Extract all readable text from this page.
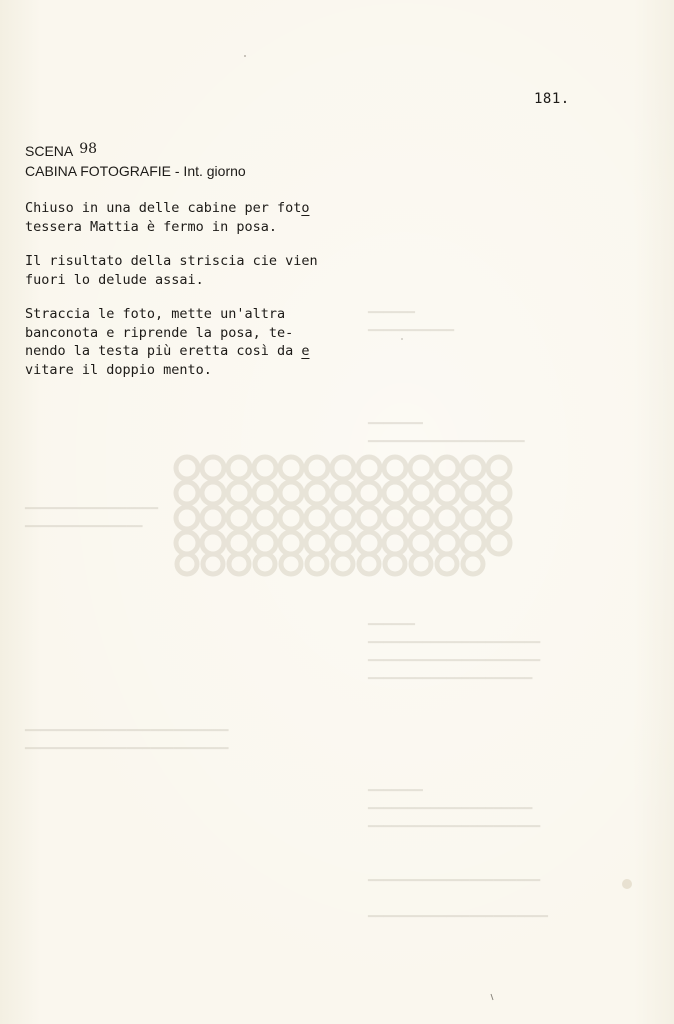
▁▁▁▁▁▁
▁▁▁▁▁▁▁▁▁▁▁
▁▁▁▁▁▁▁
▁▁▁▁▁▁▁▁▁▁▁▁▁▁▁▁▁▁▁▁
▁▁▁▁▁▁▁▁▁▁▁▁▁▁▁▁▁
▁▁▁▁▁▁▁▁▁▁▁▁▁▁▁
▁▁▁▁▁▁
▁▁▁▁▁▁▁▁▁▁▁▁▁▁▁▁▁▁▁▁▁▁
▁▁▁▁▁▁▁▁▁▁▁▁▁▁▁▁▁▁▁▁▁▁
▁▁▁▁▁▁▁▁▁▁▁▁▁▁▁▁▁▁▁▁▁
▁▁▁▁▁▁▁▁▁▁▁▁▁▁▁▁▁▁▁▁▁▁▁▁▁▁
▁▁▁▁▁▁▁▁▁▁▁▁▁▁▁▁▁▁▁▁▁▁▁▁▁▁
▁▁▁▁▁▁▁
▁▁▁▁▁▁▁▁▁▁▁▁▁▁▁▁▁▁▁▁▁
▁▁▁▁▁▁▁▁▁▁▁▁▁▁▁▁▁▁▁▁▁▁
▁▁▁▁▁▁▁▁▁▁▁▁▁▁▁▁▁▁▁▁▁▁
▁▁▁▁▁▁▁▁▁▁▁▁▁▁▁▁▁▁▁▁▁▁▁
181.
SCENA 98
CABINA FOTOGRAFIE - Int. giorno
Chiuso in una delle cabine per foto
tessera Mattia è fermo in posa.
Il risultato della striscia cie vien
fuori lo delude assai.
Straccia le foto, mette un'altra
banconota e riprende la posa, te-
nendo la testa più eretta così da e
vitare il doppio mento.
